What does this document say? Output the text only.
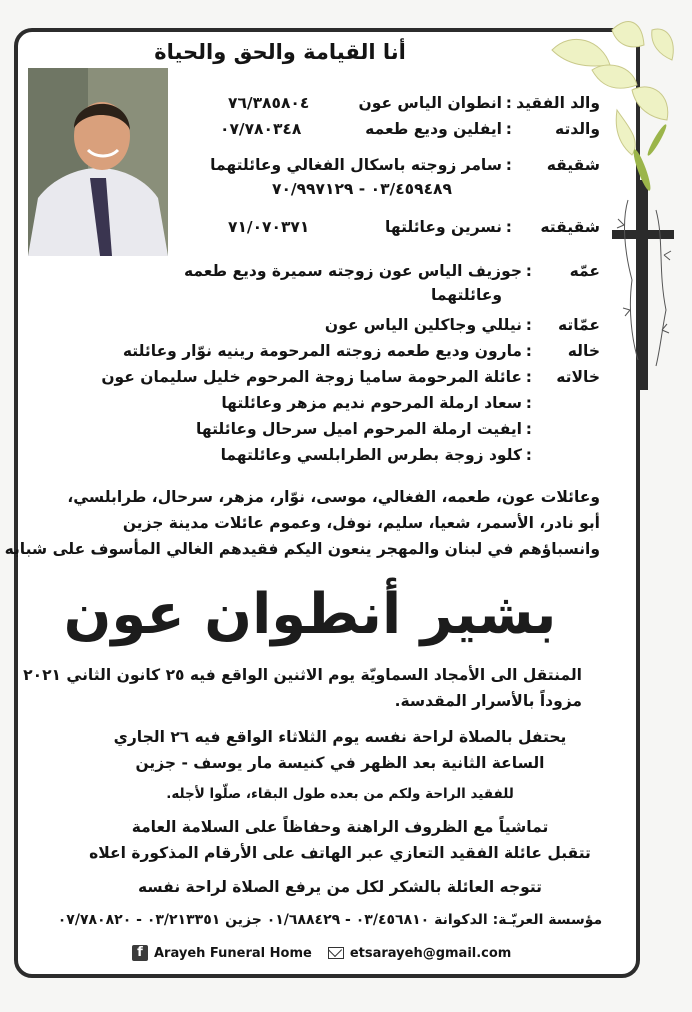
أنا القيامة والحق والحياة
والد الفقيد
:
انطوان الياس عون
٧٦/٣٨٥٨٠٤
والدته
:
ايفلين وديع طعمه
٠٧/٧٨٠٣٤٨
شقيقه
:
سامر زوجته باسكال الفغالي وعائلتهما
٠٣/٤٥٩٤٨٩ - ٧٠/٩٩٧١٢٩
شقيقته
:
نسرين وعائلتها
٧١/٠٧٠٣٧١
عمّه
:
جوزيف الياس عون زوجته سميرة وديع طعمه
وعائلتهما
عمّاته
:
نيللي وجاكلين الياس عون
خاله
:
مارون وديع طعمه زوجته المرحومة رينيه نوّار وعائلته
خالاته
:
عائلة المرحومة ساميا زوجة المرحوم خليل سليمان عون
:
سعاد ارملة المرحوم نديم مزهر وعائلتها
:
ايفيت ارملة المرحوم اميل سرحال وعائلتها
:
كلود زوجة بطرس الطرابلسي وعائلتهما
وعائلات عون، طعمه، الفغالي، موسى، نوّار، مزهر، سرحال، طرابلسي،
أبو نادر، الأسمر، شعيا، سليم، نوفل، وعموم عائلات مدينة جزين
وانسباؤهم في لبنان والمهجر ينعون اليكم فقيدهم الغالي المأسوف على شبابه
بشير أنطوان عون
المنتقل الى الأمجاد السماويّة يوم الاثنين الواقع فيه ٢٥ كانون الثاني ٢٠٢١
مزوداً بالأسرار المقدسة.
يحتفل بالصلاة لراحة نفسه يوم الثلاثاء الواقع فيه ٢٦ الجاري
الساعة الثانية بعد الظهر في كنيسة مار يوسف - جزين
للفقيد الراحة ولكم من بعده طول البقاء، صلّوا لأجله.
تماشياً مع الظروف الراهنة وحفاظاً على السلامة العامة
تتقبل عائلة الفقيد التعازي عبر الهاتف على الأرقام المذكورة اعلاه
تتوجه العائلة بالشكر لكل من يرفع الصلاة لراحة نفسه
مؤسسة العريّـة: الدكوانة ٠٣/٤٥٦٨١٠ - ٠١/٦٨٨٤٢٩ جزين ٠٣/٢١٣٣٥١ - ٠٧/٧٨٠٨٢٠
f Arayeh Funeral Home	etsarayeh@gmail.com
